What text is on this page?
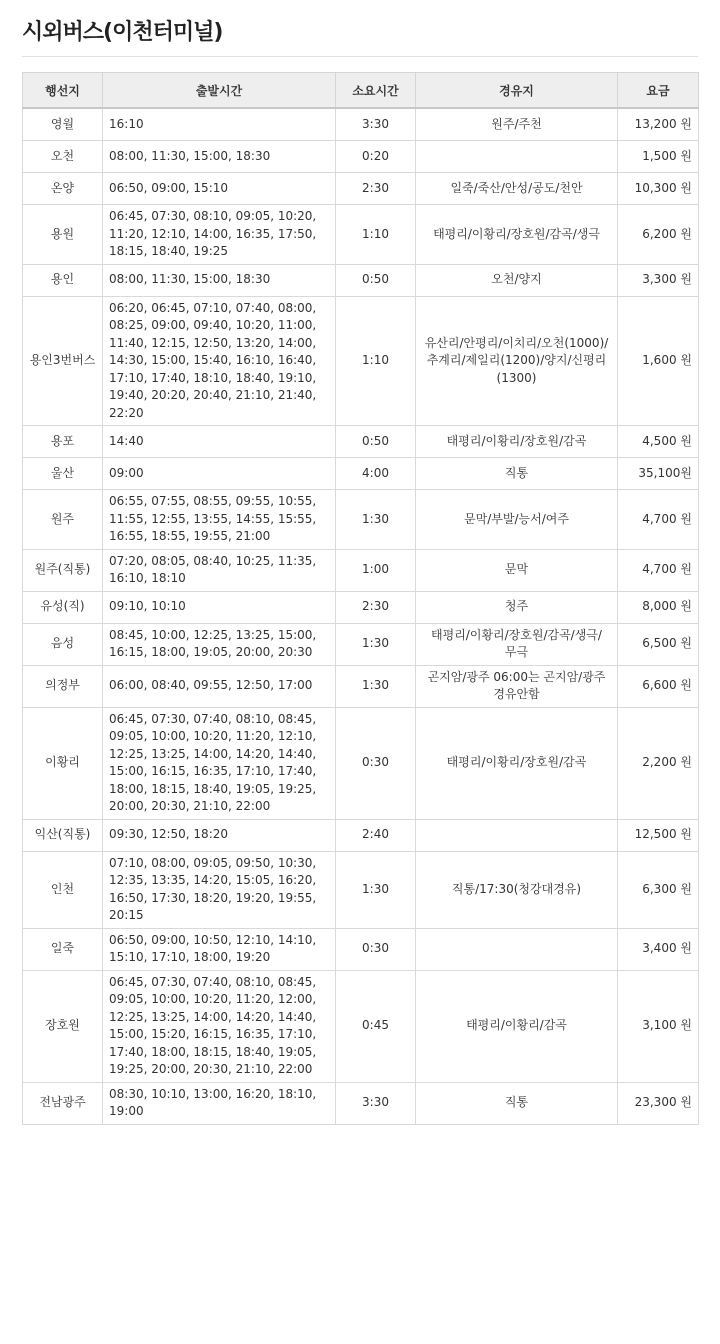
시외버스(이천터미널)
행선지	출발시간	소요시간	경유지	요금
영월	16:10	3:30	원주/주천	13,200 원
오천	08:00, 11:30, 15:00, 18:30	0:20		1,500 원
온양	06:50, 09:00, 15:10	2:30	일죽/죽산/안성/공도/천안	10,300 원
용원	06:45, 07:30, 08:10, 09:05, 10:20, 11:20, 12:10, 14:00, 16:35, 17:50, 18:15, 18:40, 19:25	1:10	태평리/이황리/장호원/감곡/생극	6,200 원
용인	08:00, 11:30, 15:00, 18:30	0:50	오천/양지	3,300 원
용인3번버스	06:20, 06:45, 07:10, 07:40, 08:00, 08:25, 09:00, 09:40, 10:20, 11:00, 11:40, 12:15, 12:50, 13:20, 14:00, 14:30, 15:00, 15:40, 16:10, 16:40, 17:10, 17:40, 18:10, 18:40, 19:10, 19:40, 20:20, 20:40, 21:10, 21:40, 22:20	1:10	유산리/안평리/이치리/오천(1000)/추계리/제일리(1200)/양지/신평리(1300)	1,600 원
용포	14:40	0:50	태평리/이황리/장호원/감곡	4,500 원
울산	09:00	4:00	직통	35,100원
원주	06:55, 07:55, 08:55, 09:55, 10:55, 11:55, 12:55, 13:55, 14:55, 15:55, 16:55, 18:55, 19:55, 21:00	1:30	문막/부발/능서/여주	4,700 원
원주(직통)	07:20, 08:05, 08:40, 10:25, 11:35, 16:10, 18:10	1:00	문막	4,700 원
유성(직)	09:10, 10:10	2:30	청주	8,000 원
음성	08:45, 10:00, 12:25, 13:25, 15:00, 16:15, 18:00, 19:05, 20:00, 20:30	1:30	태평리/이황리/장호원/감곡/생극/무극	6,500 원
의정부	06:00, 08:40, 09:55, 12:50, 17:00	1:30	곤지암/광주 06:00는 곤지암/광주 경유안함	6,600 원
이황리	06:45, 07:30, 07:40, 08:10, 08:45, 09:05, 10:00, 10:20, 11:20, 12:10, 12:25, 13:25, 14:00, 14:20, 14:40, 15:00, 16:15, 16:35, 17:10, 17:40, 18:00, 18:15, 18:40, 19:05, 19:25, 20:00, 20:30, 21:10, 22:00	0:30	태평리/이황리/장호원/감곡	2,200 원
익산(직통)	09:30, 12:50, 18:20	2:40		12,500 원
인천	07:10, 08:00, 09:05, 09:50, 10:30, 12:35, 13:35, 14:20, 15:05, 16:20, 16:50, 17:30, 18:20, 19:20, 19:55, 20:15	1:30	직통/17:30(청강대경유)	6,300 원
일죽	06:50, 09:00, 10:50, 12:10, 14:10, 15:10, 17:10, 18:00, 19:20	0:30		3,400 원
장호원	06:45, 07:30, 07:40, 08:10, 08:45, 09:05, 10:00, 10:20, 11:20, 12:00, 12:25, 13:25, 14:00, 14:20, 14:40, 15:00, 15:20, 16:15, 16:35, 17:10, 17:40, 18:00, 18:15, 18:40, 19:05, 19:25, 20:00, 20:30, 21:10, 22:00	0:45	태평리/이황리/감곡	3,100 원
전남광주	08:30, 10:10, 13:00, 16:20, 18:10, 19:00	3:30	직통	23,300 원
